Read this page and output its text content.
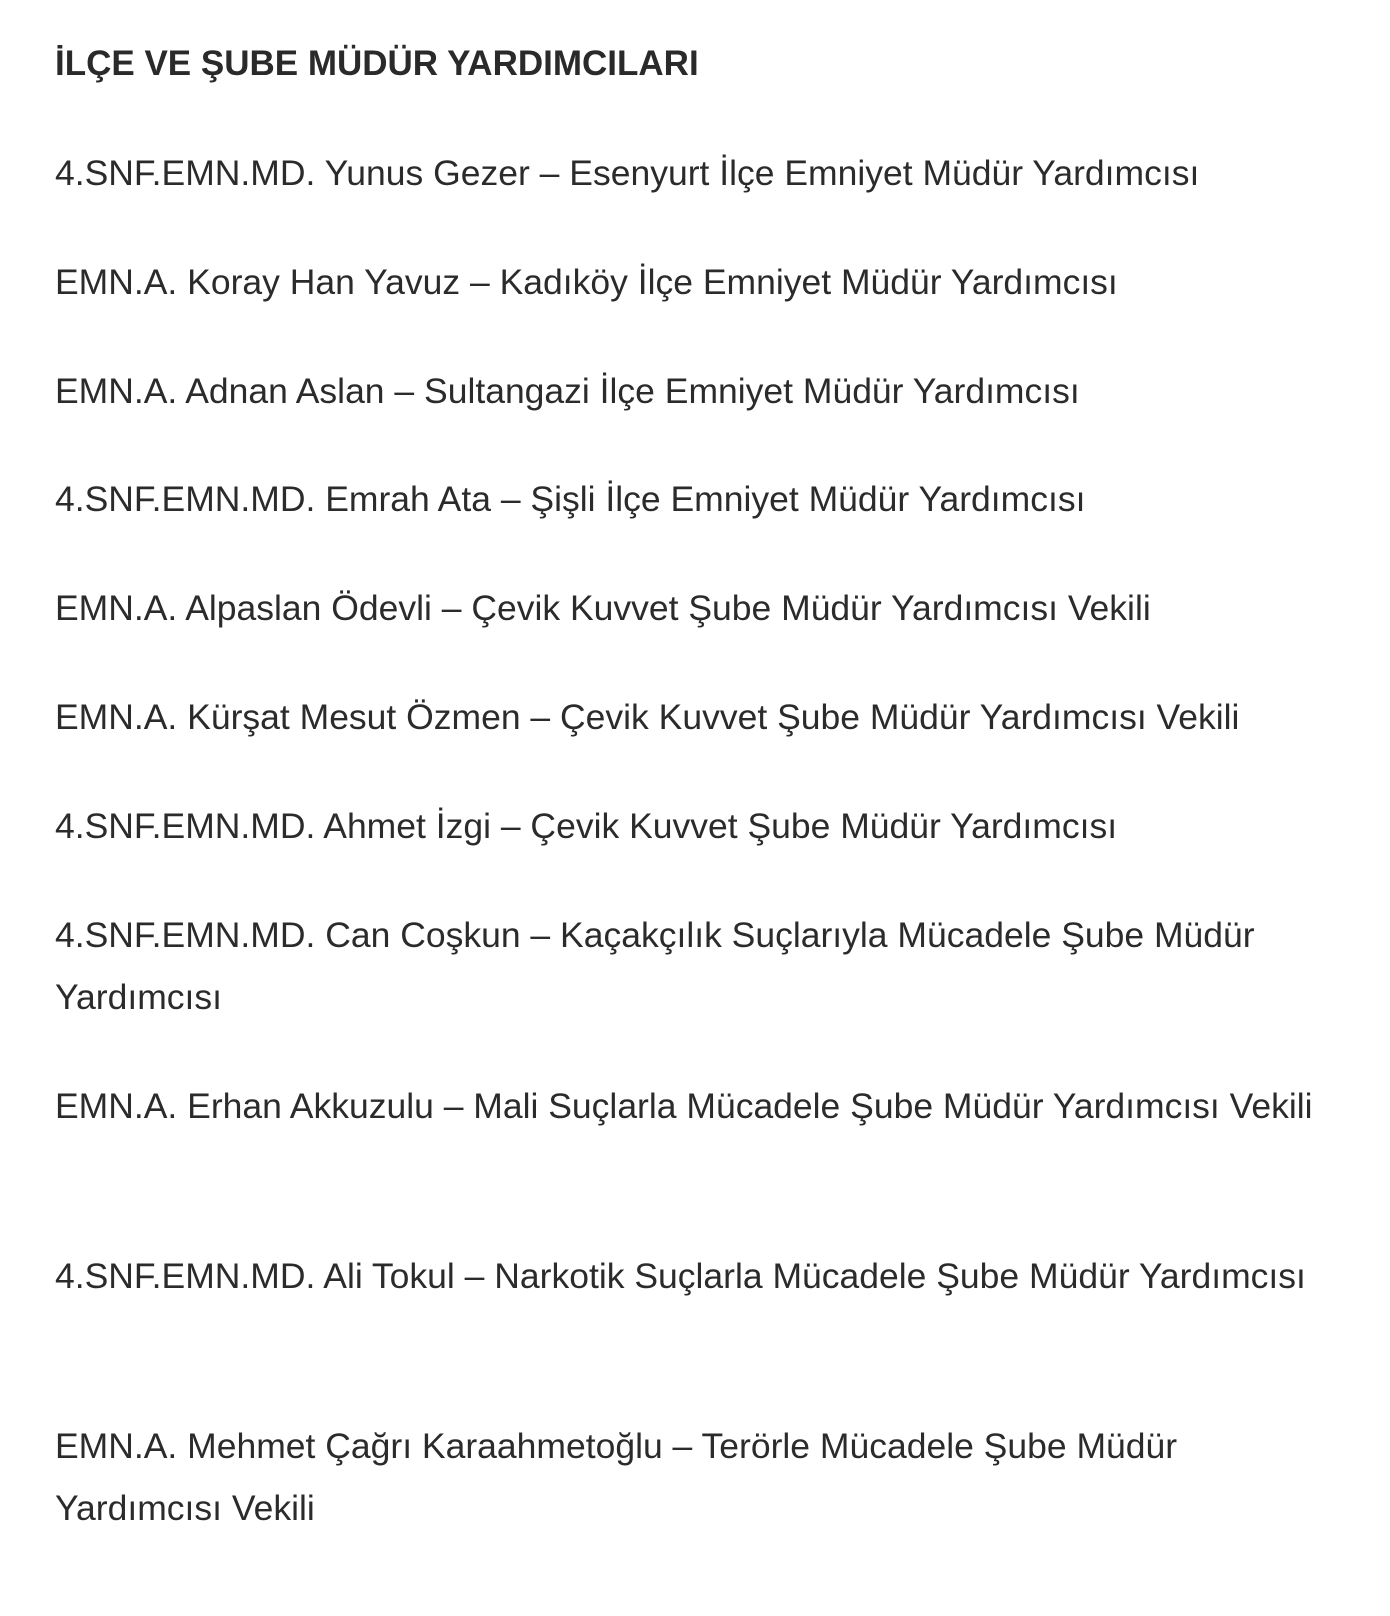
İLÇE VE ŞUBE MÜDÜR YARDIMCILARI

4.SNF.EMN.MD. Yunus Gezer – Esenyurt İlçe Emniyet Müdür Yardımcısı

EMN.A. Koray Han Yavuz – Kadıköy İlçe Emniyet Müdür Yardımcısı

EMN.A. Adnan Aslan – Sultangazi İlçe Emniyet Müdür Yardımcısı

4.SNF.EMN.MD. Emrah Ata – Şişli İlçe Emniyet Müdür Yardımcısı

EMN.A. Alpaslan Ödevli – Çevik Kuvvet Şube Müdür Yardımcısı Vekili

EMN.A. Kürşat Mesut Özmen – Çevik Kuvvet Şube Müdür Yardımcısı Vekili

4.SNF.EMN.MD. Ahmet İzgi – Çevik Kuvvet Şube Müdür Yardımcısı

4.SNF.EMN.MD. Can Coşkun – Kaçakçılık Suçlarıyla Mücadele Şube Müdür Yardımcısı

EMN.A. Erhan Akkuzulu – Mali Suçlarla Mücadele Şube Müdür Yardımcısı Vekili

4.SNF.EMN.MD. Ali Tokul – Narkotik Suçlarla Mücadele Şube Müdür Yardımcısı

EMN.A. Mehmet Çağrı Karaahmetoğlu – Terörle Mücadele Şube Müdür Yardımcısı Vekili
